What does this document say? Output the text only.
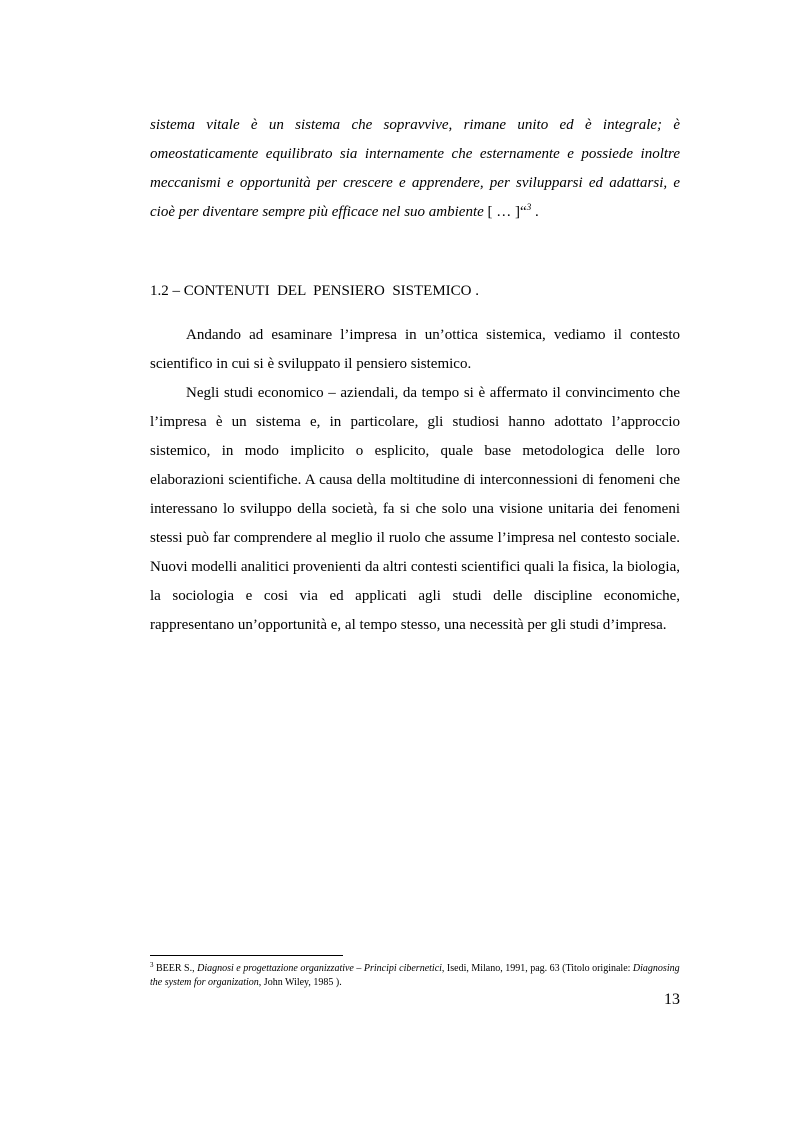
sistema vitale è un sistema che sopravvive, rimane unito ed è integrale; è omeostaticamente equilibrato sia internamente che esternamente e possiede inoltre meccanismi e opportunità per crescere e apprendere, per svilupparsi ed adattarsi, e cioè per diventare sempre più efficace nel suo ambiente [ … ]“$^3$ .
1.2 – CONTENUTI  DEL  PENSIERO  SISTEMICO .

Andando ad esaminare l’impresa in un’ottica sistemica, vediamo il contesto scientifico in cui si è sviluppato il pensiero sistemico.

Negli studi economico – aziendali, da tempo si è affermato il convincimento che l’impresa è un sistema e, in particolare, gli studiosi hanno adottato l’approccio sistemico, in modo implicito o esplicito, quale base metodologica delle loro elaborazioni scientifiche. A causa della moltitudine di interconnessioni di fenomeni che interessano lo sviluppo della società, fa si che solo una visione unitaria dei fenomeni stessi può far comprendere al meglio il ruolo che assume l’impresa nel contesto sociale. Nuovi modelli analitici provenienti da altri contesti scientifici quali la fisica, la biologia, la sociologia e cosi via ed applicati agli studi delle discipline economiche, rappresentano un’opportunità e, al tempo stesso, una necessità per gli studi d’impresa.

$^3$ BEER S., Diagnosi e progettazione organizzative – Principi cibernetici, Isedi, Milano, 1991, pag. 63 (Titolo originale: Diagnosing the system for organization, John Wiley, 1985 ).
13
